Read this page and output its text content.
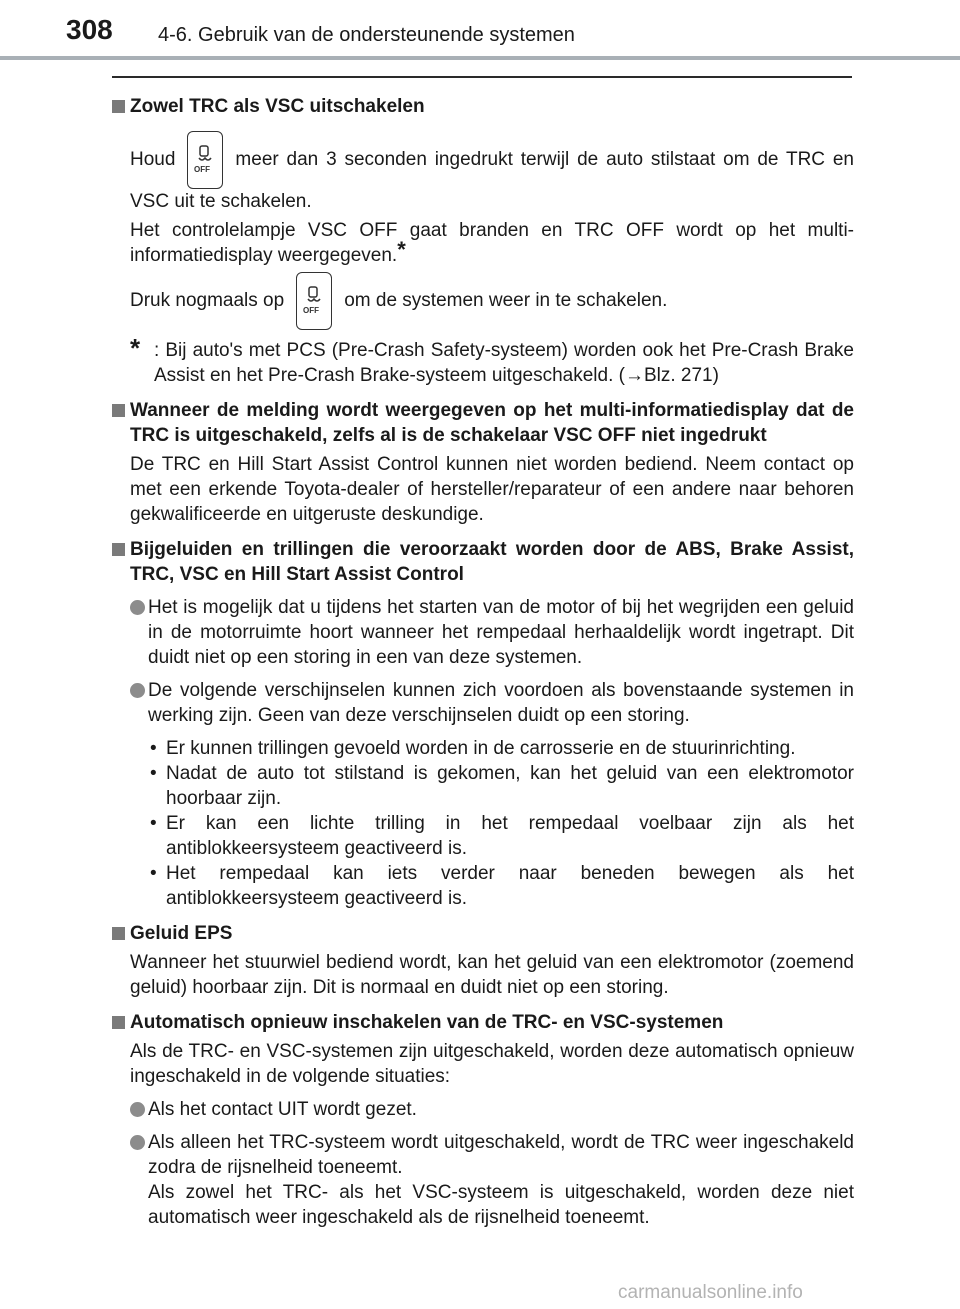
308 4-6. Gebruik van de ondersteunende systemen
Zowel TRC als VSC uitschakelen
Houd OFF meer dan 3 seconden ingedrukt terwijl de auto stilstaat om de TRC en VSC uit te schakelen.
Het controlelampje VSC OFF gaat branden en TRC OFF wordt op het multi-informatiedisplay weergegeven.*
Druk nogmaals op OFF om de systemen weer in te schakelen.
* : Bij auto's met PCS (Pre-Crash Safety-systeem) worden ook het Pre-Crash Brake Assist en het Pre-Crash Brake-systeem uitgeschakeld. (→Blz. 271)
Wanneer de melding wordt weergegeven op het multi-informatiedisplay dat de TRC is uitgeschakeld, zelfs al is de schakelaar VSC OFF niet ingedrukt
De TRC en Hill Start Assist Control kunnen niet worden bediend. Neem contact op met een erkende Toyota-dealer of hersteller/reparateur of een andere naar behoren gekwalificeerde en uitgeruste deskundige.
Bijgeluiden en trillingen die veroorzaakt worden door de ABS, Brake Assist, TRC, VSC en Hill Start Assist Control
Het is mogelijk dat u tijdens het starten van de motor of bij het wegrijden een geluid in de motorruimte hoort wanneer het rempedaal herhaaldelijk wordt ingetrapt. Dit duidt niet op een storing in een van deze systemen.
De volgende verschijnselen kunnen zich voordoen als bovenstaande systemen in werking zijn. Geen van deze verschijnselen duidt op een storing.
• Er kunnen trillingen gevoeld worden in de carrosserie en de stuurinrichting.
• Nadat de auto tot stilstand is gekomen, kan het geluid van een elektromotor hoorbaar zijn.
• Er kan een lichte trilling in het rempedaal voelbaar zijn als het antiblokkeersysteem geactiveerd is.
• Het rempedaal kan iets verder naar beneden bewegen als het antiblokkeersysteem geactiveerd is.
Geluid EPS
Wanneer het stuurwiel bediend wordt, kan het geluid van een elektromotor (zoemend geluid) hoorbaar zijn. Dit is normaal en duidt niet op een storing.
Automatisch opnieuw inschakelen van de TRC- en VSC-systemen
Als de TRC- en VSC-systemen zijn uitgeschakeld, worden deze automatisch opnieuw ingeschakeld in de volgende situaties:
Als het contact UIT wordt gezet.
Als alleen het TRC-systeem wordt uitgeschakeld, wordt de TRC weer ingeschakeld zodra de rijsnelheid toeneemt.
Als zowel het TRC- als het VSC-systeem is uitgeschakeld, worden deze niet automatisch weer ingeschakeld als de rijsnelheid toeneemt.
carmanualsonline.info
